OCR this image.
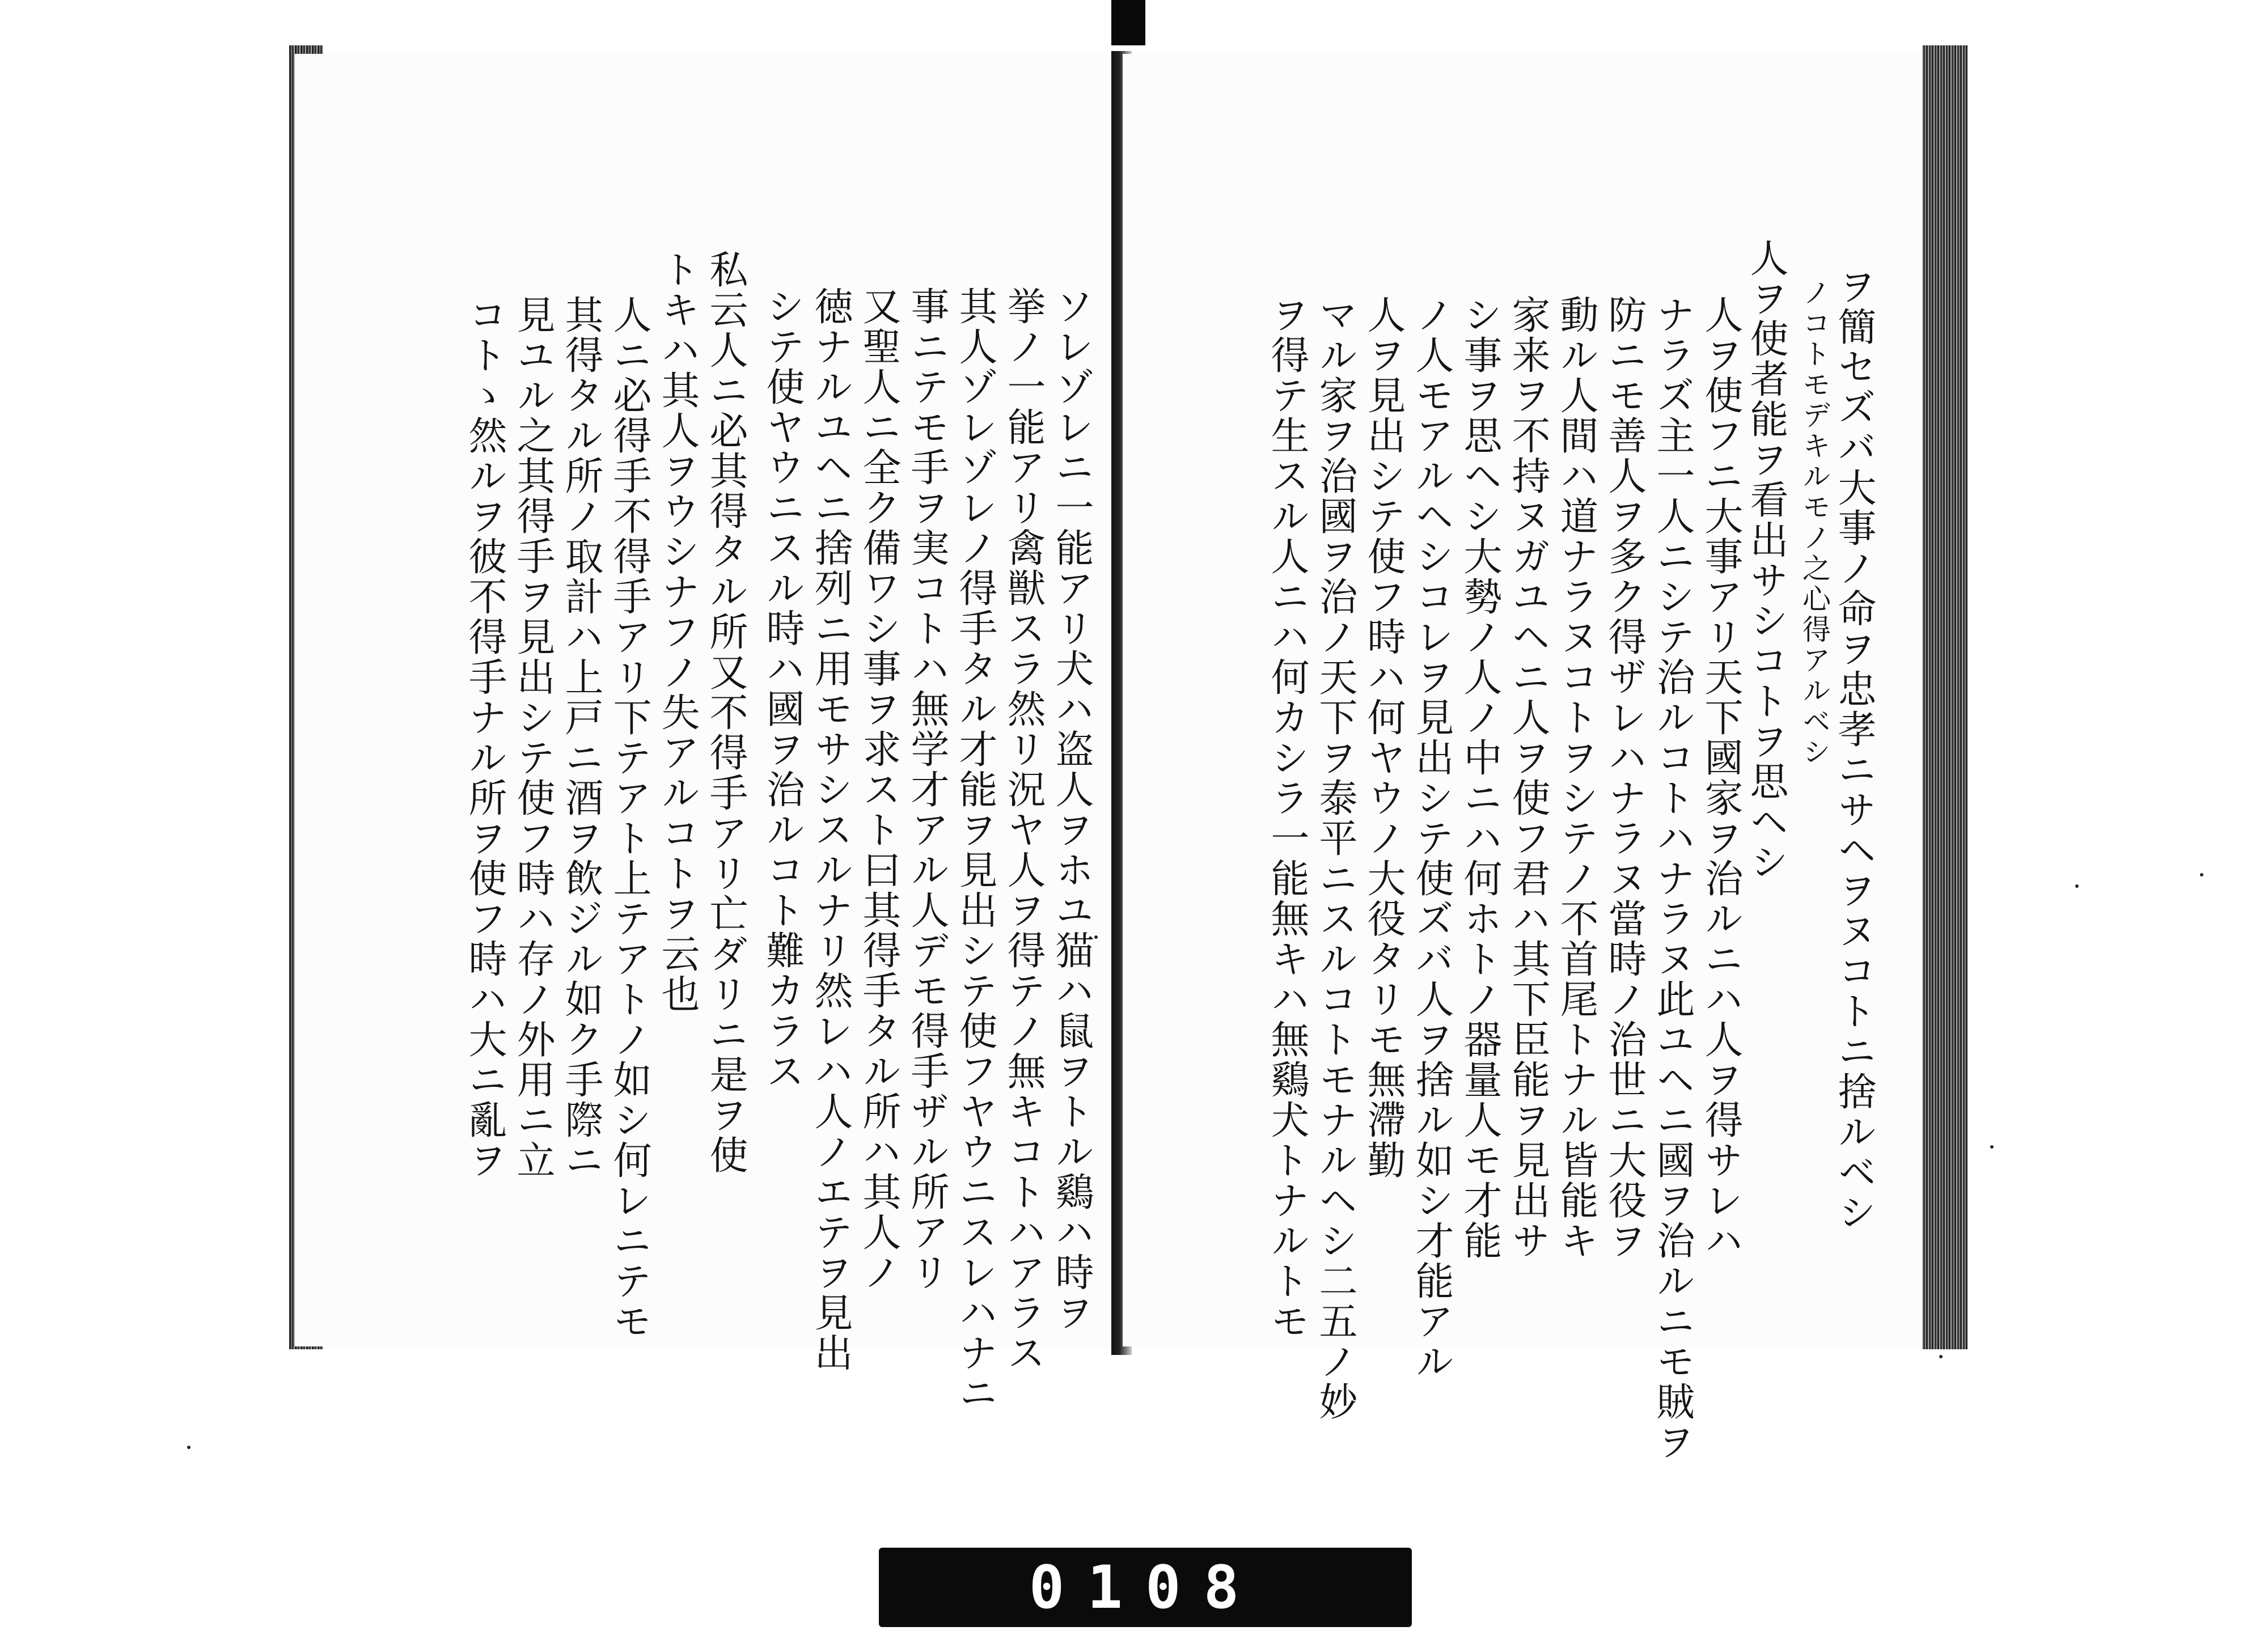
ヲ簡セズバ大事ノ命ヲ忠孝ニサヘヲヌコトニ捨ルベシ
ノコトモデキルモノ之心得アルベシ
人ヲ使者能ヲ看出サシコトヲ思ヘシ
人ヲ使フニ大事アリ天下國家ヲ治ルニハ人ヲ得サレハ
ナラズ主一人ニシテ治ルコトハナラヌ此ユヘニ國ヲ治ルニモ賊ヲ
防ニモ善人ヲ多ク得ザレハナラヌ當時ノ治世ニ大役ヲ
動ル人間ハ道ナラヌコトヲシテノ不首尾トナル皆能キ
家来ヲ不持ヌガユヘニ人ヲ使フ君ハ其下臣能ヲ見出サ
シ事ヲ思ヘシ大勢ノ人ノ中ニハ何ホトノ器量人モ才能
ノ人モアルヘシコレヲ見出シテ使ズバ人ヲ捨ル如シ才能アル
人ヲ見出シテ使フ時ハ何ヤウノ大役タリモ無滯勤
マル家ヲ治國ヲ治ノ天下ヲ泰平ニスルコトモナルヘシ二五ノ妙
ヲ得テ生スル人ニハ何カシラ一能無キハ無鷄犬トナルトモ
ソレゾレニ一能アリ犬ハ盗人ヲホユ猫ハ鼠ヲトル鷄ハ時ヲ
挙ノ一能アリ禽獣スラ然リ況ヤ人ヲ得テノ無キコトハアラス
其人ゾレゾレノ得手タル才能ヲ見出シテ使フヤウニスレハナニ
事ニテモ手ヲ実コトハ無学才アル人デモ得手ザル所アリ
又聖人ニ全ク備ワシ事ヲ求スト曰其得手タル所ハ其人ノ
徳ナルユヘニ捨列ニ用モサシスルナリ然レハ人ノエテヲ見出
シテ使ヤウニスル時ハ國ヲ治ルコト難カラス
私云人ニ必其得タル所又不得手アリ亡ダリニ是ヲ使
トキハ其人ヲウシナフノ失アルコトヲ云也
人ニ必得手不得手アリ下テアト上テアトノ如シ何レニテモ
其得タル所ノ取計ハ上戸ニ酒ヲ飲ジル如ク手際ニ
見ユル之其得手ヲ見出シテ使フ時ハ存ノ外用ニ立
コトゝ然ルヲ彼不得手ナル所ヲ使フ時ハ大ニ亂ヲ
0108
